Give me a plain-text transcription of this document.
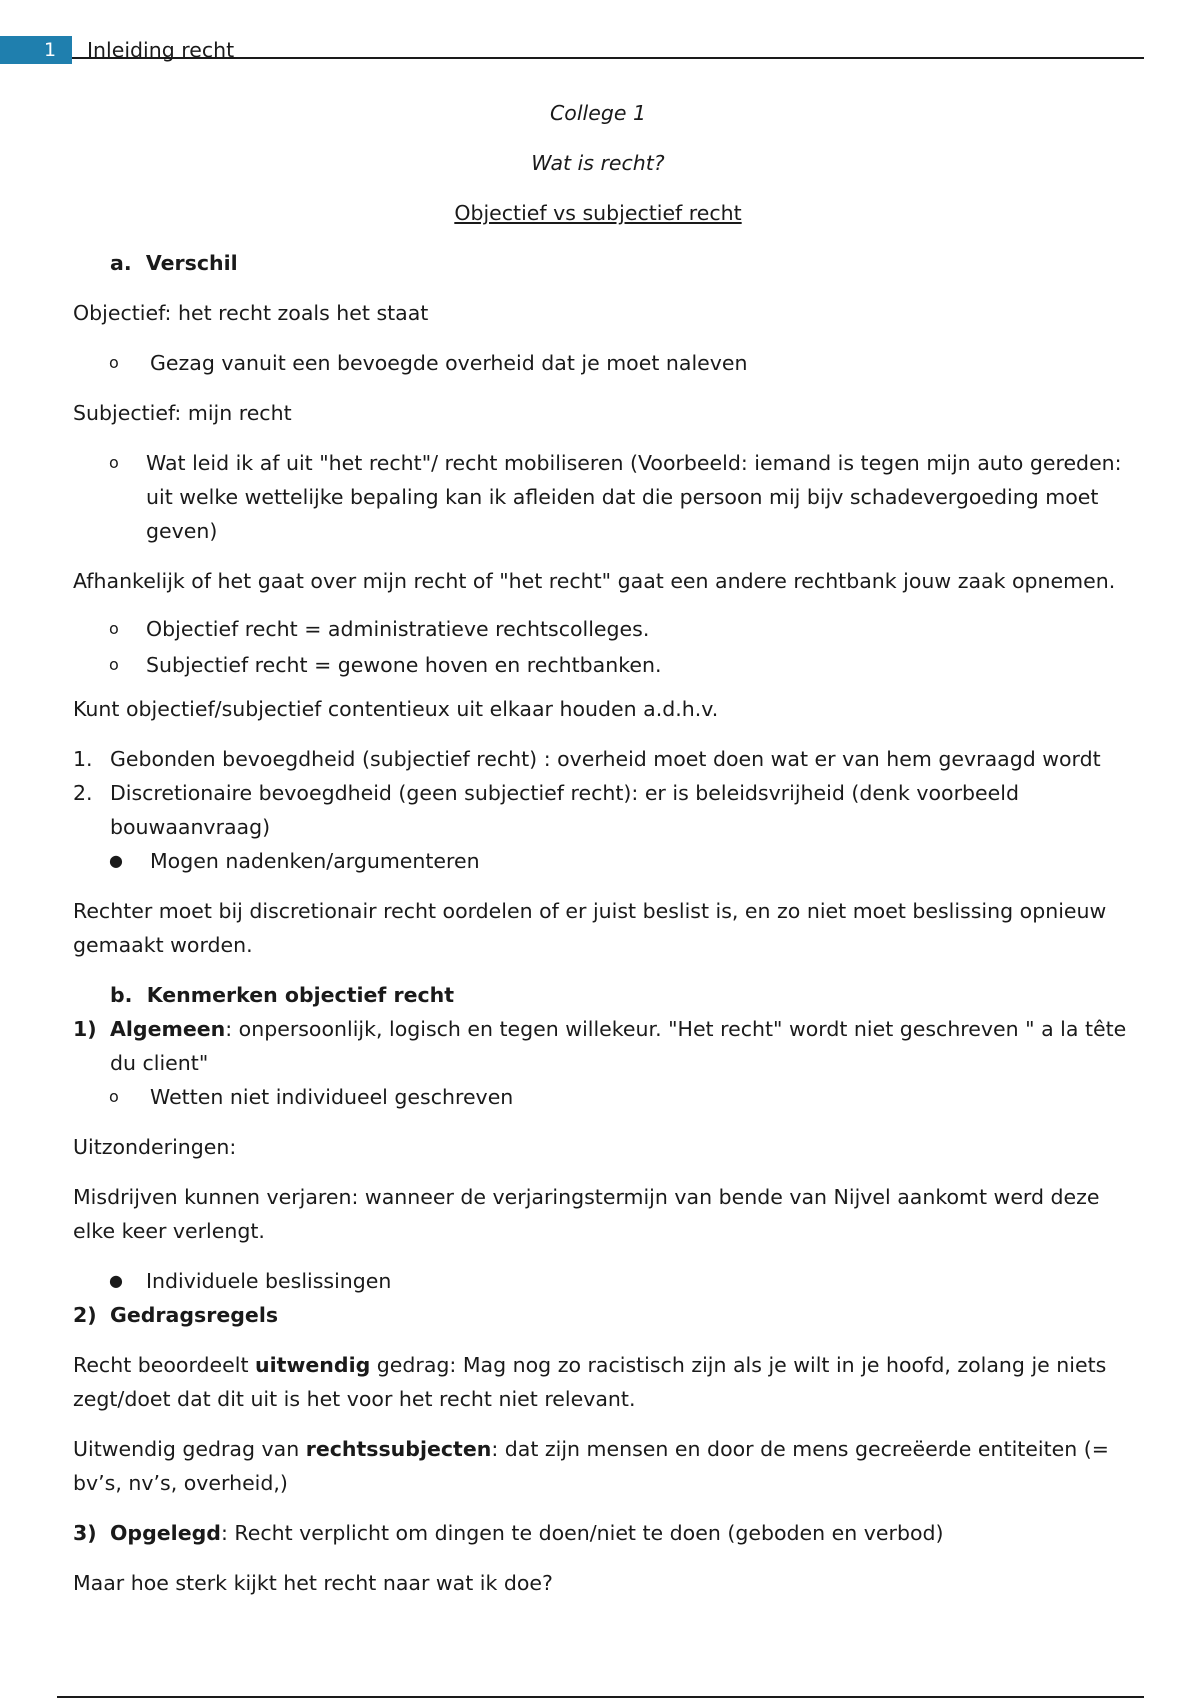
1	Inleiding recht

College 1

Wat is recht?

Objectief vs subjectief recht

a. Verschil

Objectief: het recht zoals het staat

o	Gezag vanuit een bevoegde overheid dat je moet naleven

Subjectief: mijn recht

o	Wat leid ik af uit "het recht"/ recht mobiliseren (Voorbeeld: iemand is tegen mijn auto gereden: uit welke wettelijke bepaling kan ik afleiden dat die persoon mij bijv schadevergoeding moet geven)

Afhankelijk of het gaat over mijn recht of "het recht" gaat een andere rechtbank jouw zaak opnemen.

o	Objectief recht = administratieve rechtscolleges.
o	Subjectief recht = gewone hoven en rechtbanken.

Kunt objectief/subjectief contentieux uit elkaar houden a.d.h.v.

1. Gebonden bevoegdheid (subjectief recht) : overheid moet doen wat er van hem gevraagd wordt
2. Discretionaire bevoegdheid (geen subjectief recht): er is beleidsvrijheid (denk voorbeeld bouwaanvraag)
●	Mogen nadenken/argumenteren

Rechter moet bij discretionair recht oordelen of er juist beslist is, en zo niet moet beslissing opnieuw gemaakt worden.

b. Kenmerken objectief recht

1) Algemeen: onpersoonlijk, logisch en tegen willekeur. "Het recht" wordt niet geschreven " a la tête du client"
o	Wetten niet individueel geschreven

Uitzonderingen:

Misdrijven kunnen verjaren: wanneer de verjaringstermijn van bende van Nijvel aankomt werd deze elke keer verlengt.

●	Individuele beslissingen
2) Gedragsregels

Recht beoordeelt uitwendig gedrag: Mag nog zo racistisch zijn als je wilt in je hoofd, zolang je niets zegt/doet dat dit uit is het voor het recht niet relevant.

Uitwendig gedrag van rechtssubjecten: dat zijn mensen en door de mens gecreëerde entiteiten (= bv’s, nv’s, overheid,)

3) Opgelegd: Recht verplicht om dingen te doen/niet te doen (geboden en verbod)

Maar hoe sterk kijkt het recht naar wat ik doe?
